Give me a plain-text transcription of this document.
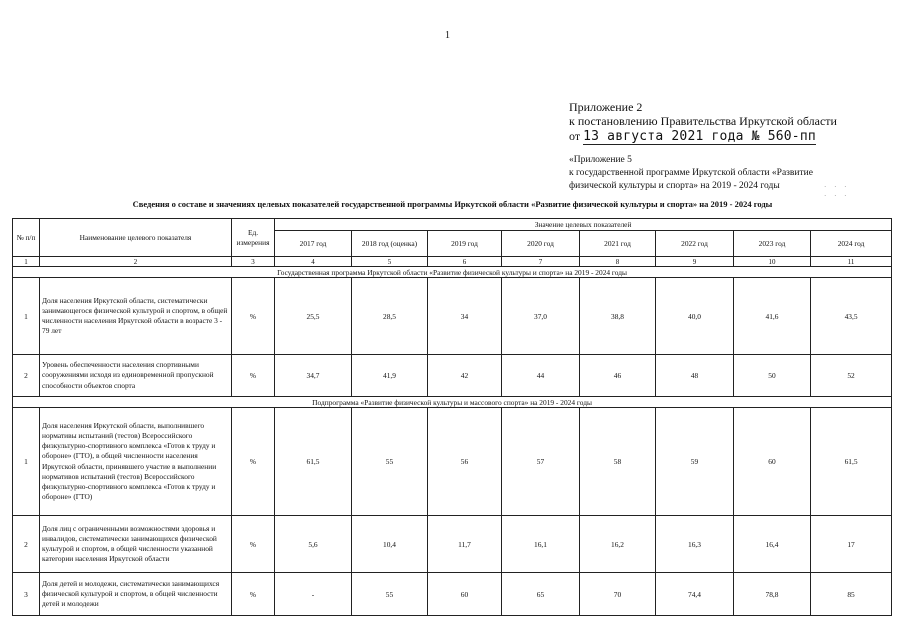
1
Приложение 2
к постановлению Правительства Иркутской области
от 13 августа 2021 года № 560-пп
«Приложение 5
к государственной программе Иркутской области «Развитие
физической культуры и спорта» на 2019 - 2024 годы	· · ·
· · ·
Сведения о составе и значениях целевых показателей государственной программы Иркутской области «Развитие физической культуры и спорта» на 2019 - 2024 годы
№ п/п	Наименование целевого показателя	Ед. измерения	Значение целевых показателей							
			2017 год	2018 год (оценка)	2019 год	2020 год	2021 год	2022 год	2023 год	2024 год
1	2	3	4	5	6	7	8	9	10	11
Государственная программа Иркутской области «Развитие физической культуры и спорта» на 2019 - 2024 годы										
1	Доля населения Иркутской области, систематически занимающегося физической культурой и спортом, в общей численности населения Иркутской области в возрасте 3 - 79 лет	%	25,5	28,5	34	37,0	38,8	40,0	41,6	43,5
2	Уровень обеспеченности населения спортивными сооружениями исходя из единовременной пропускной способности объектов спорта	%	34,7	41,9	42	44	46	48	50	52
Подпрограмма «Развитие физической культуры и массового спорта» на 2019 - 2024 годы										
1	Доля населения Иркутской области, выполнившего нормативы испытаний (тестов) Всероссийского физкультурно-спортивного комплекса «Готов к труду и обороне» (ГТО), в общей численности населения Иркутской области, принявшего участие в выполнении нормативов испытаний (тестов) Всероссийского физкультурно-спортивного комплекса «Готов к труду и обороне» (ГТО)	%	61,5	55	56	57	58	59	60	61,5
2	Доля лиц с ограниченными возможностями здоровья и инвалидов, систематически занимающихся физической культурой и спортом, в общей численности указанной категории населения Иркутской области	%	5,6	10,4	11,7	16,1	16,2	16,3	16,4	17
3	Доля детей и молодежи, систематически занимающихся физической культурой и спортом, в общей численности детей и молодежи	%	-	55	60	65	70	74,4	78,8	85
